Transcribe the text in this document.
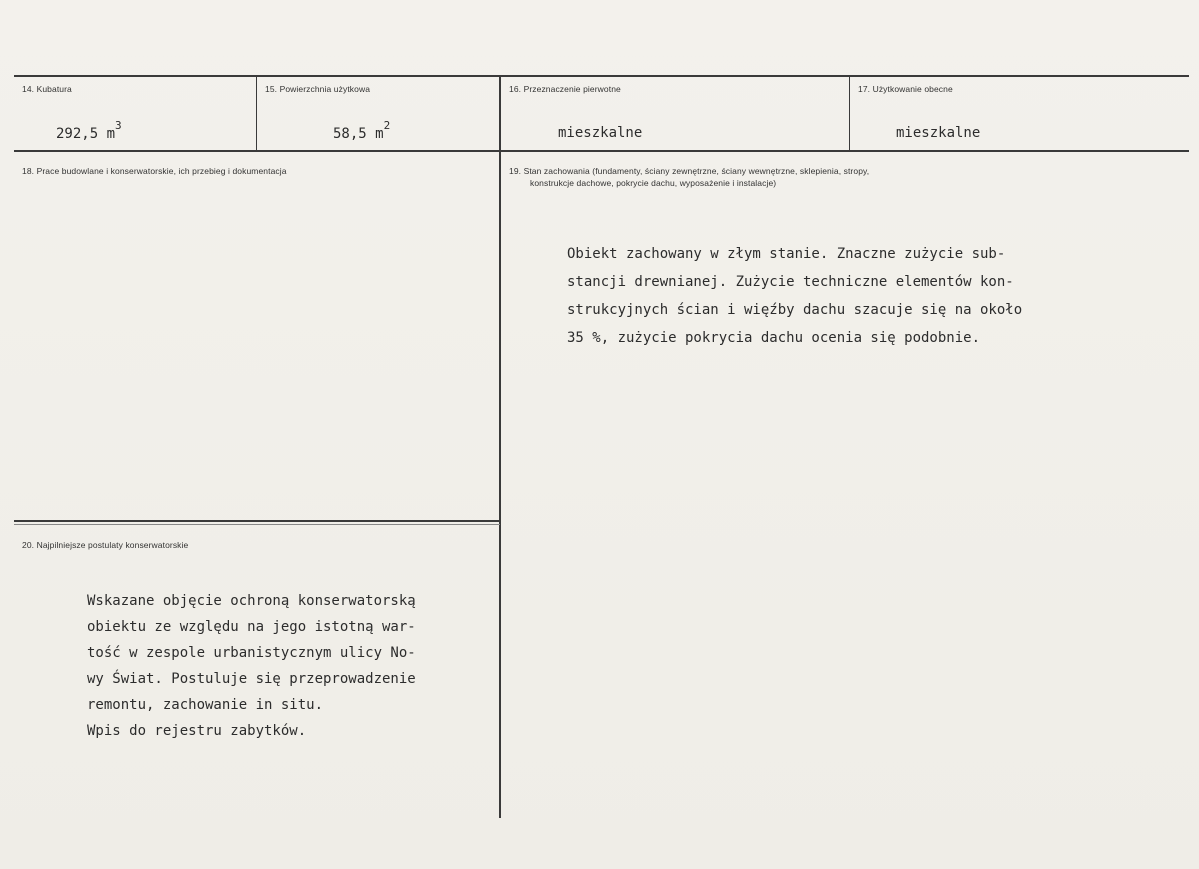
14. Kubatura
292,5 $m^3$
15. Powierzchnia użytkowa
58,5 $m^2$
16. Przeznaczenie pierwotne
mieszkalne
17. Użytkowanie obecne
mieszkalne
18. Prace budowlane i konserwatorskie, ich przebieg i dokumentacja	19. Stan zachowania (fundamenty, ściany zewnętrzne, ściany wewnętrzne, sklepienia, stropy,
konstrukcje dachowe, pokrycie dachu, wyposażenie i instalacje)
Obiekt zachowany w złym stanie. Znaczne zużycie sub-
stancji drewnianej. Zużycie techniczne elementów kon-
strukcyjnych ścian i więźby dachu szacuje się na około
35 %, zużycie pokrycia dachu ocenia się podobnie.
20. Najpilniejsze postulaty konserwatorskie
Wskazane objęcie ochroną konserwatorską
obiektu ze względu na jego istotną war-
tość w zespole urbanistycznym ulicy No-
wy Świat. Postuluje się przeprowadzenie
remontu, zachowanie in situ.
Wpis do rejestru zabytków.
